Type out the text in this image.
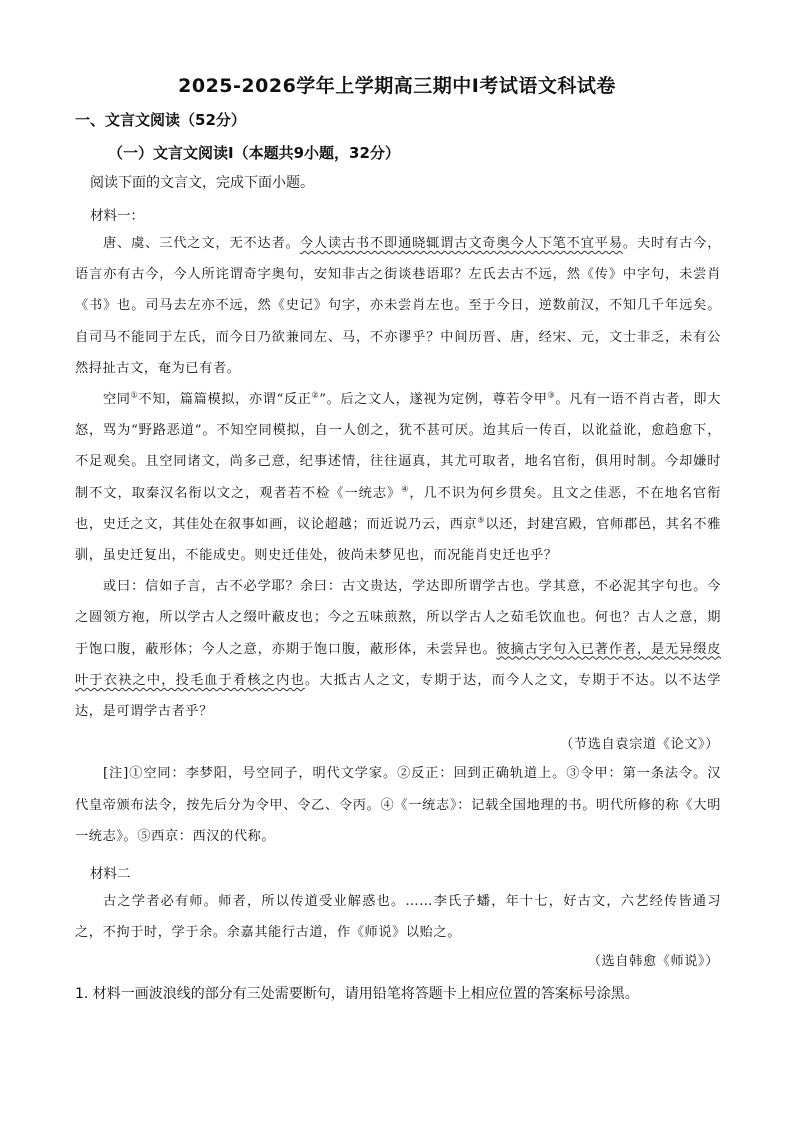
2025-2026学年上学期高三期中I考试语文科试卷
一、文言文阅读（52分）
（一）文言文阅读I（本题共9小题，32分）
阅读下面的文言文，完成下面小题。
材料一：

唐、虞、三代之文，无不达者。今人读古书不即通晓辄谓古文奇奥今人下笔不宜平易。夫时有古今，语言亦有古今，今人所诧谓奇字奥句，安知非古之街谈巷语耶？左氏去古不远，然《传》中字句，未尝肖《书》也。司马去左亦不远，然《史记》句字，亦未尝肖左也。至于今日，逆数前汉，不知几千年远矣。自司马不能同于左氏，而今日乃欲兼同左、马，不亦谬乎？中间历晋、唐，经宋、元，文士非乏，未有公然挦扯古文，奄为已有者。

空同①不知，篇篇模拟，亦谓“反正②”。后之文人，遂视为定例，尊若令甲③。凡有一语不肖古者，即大怒，骂为“野路恶道”。不知空同模拟，自一人创之，犹不甚可厌。迨其后一传百，以讹益讹，愈趋愈下，不足观矣。且空同诸文，尚多己意，纪事述情，往往逼真，其尤可取者，地名官衔，俱用时制。今却嫌时制不文，取秦汉名衔以文之，观者若不检《一统志》④，几不识为何乡贯矣。且文之佳恶，不在地名官衔也，史迁之文，其佳处在叙事如画，议论超越；而近说乃云，西京⑤以还，封建宫殿，官师郡邑，其名不雅驯，虽史迁复出，不能成史。则史迁佳处，彼尚未梦见也，而况能肖史迁也乎？

或曰：信如子言，古不必学耶？余曰：古文贵达，学达即所谓学古也。学其意，不必泥其字句也。今之圆领方袍，所以学古人之缀叶蔽皮也；今之五味煎熬，所以学古人之茹毛饮血也。何也？古人之意，期于饱口腹，蔽形体；今人之意，亦期于饱口腹，蔽形体，未尝异也。彼摘古字句入已著作者，是无异缀皮叶于衣袂之中，投毛血于肴核之内也。大抵古人之文，专期于达，而今人之文，专期于不达。以不达学达，是可谓学古者乎？

（节选自袁宗道《论文》）

[注]①空同：李梦阳，号空同子，明代文学家。②反正：回到正确轨道上。③令甲：第一条法令。汉代皇帝颁布法令，按先后分为令甲、令乙、令丙。④《一统志》：记载全国地理的书。明代所修的称《大明一统志》。⑤西京：西汉的代称。

材料二

古之学者必有师。师者，所以传道受业解惑也。……李氏子蟠，年十七，好古文，六艺经传皆通习之，不拘于时，学于余。余嘉其能行古道，作《师说》以贻之。

（选自韩愈《师说》）
1. 材料一画波浪线的部分有三处需要断句，请用铅笔将答题卡上相应位置的答案标号涂黑。
